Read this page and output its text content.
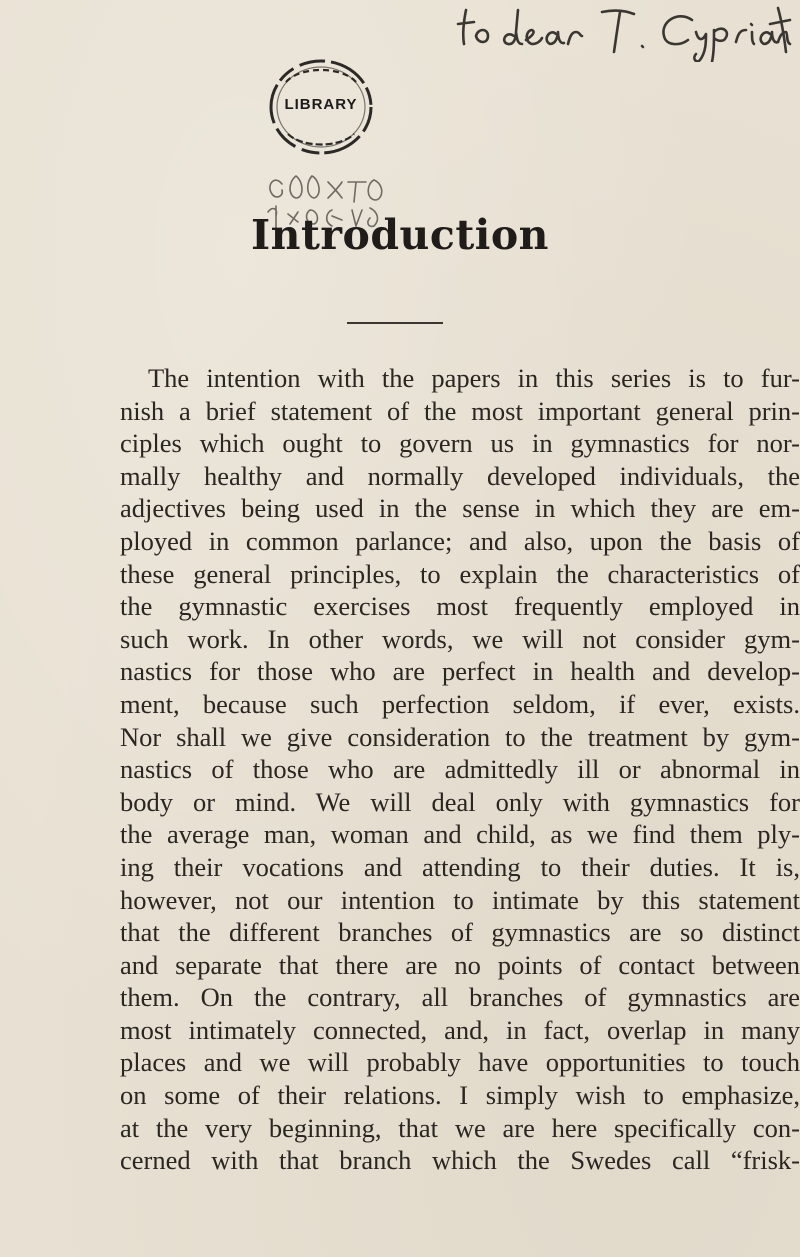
LIBRARY
Introduction
The intention with the papers in this series is to fur-
nish a brief statement of the most important general prin-
ciples which ought to govern us in gymnastics for nor-
mally healthy and normally developed individuals, the
adjectives being used in the sense in which they are em-
ployed in common parlance; and also, upon the basis of
these general principles, to explain the characteristics of
the gymnastic exercises most frequently employed in
such work. In other words, we will not consider gym-
nastics for those who are perfect in health and develop-
ment, because such perfection seldom, if ever, exists.
Nor shall we give consideration to the treatment by gym-
nastics of those who are admittedly ill or abnormal in
body or mind. We will deal only with gymnastics for
the average man, woman and child, as we find them ply-
ing their vocations and attending to their duties. It is,
however, not our intention to intimate by this statement
that the different branches of gymnastics are so distinct
and separate that there are no points of contact between
them. On the contrary, all branches of gymnastics are
most intimately connected, and, in fact, overlap in many
places and we will probably have opportunities to touch
on some of their relations. I simply wish to emphasize,
at the very beginning, that we are here specifically con-
cerned with that branch which the Swedes call “frisk-
